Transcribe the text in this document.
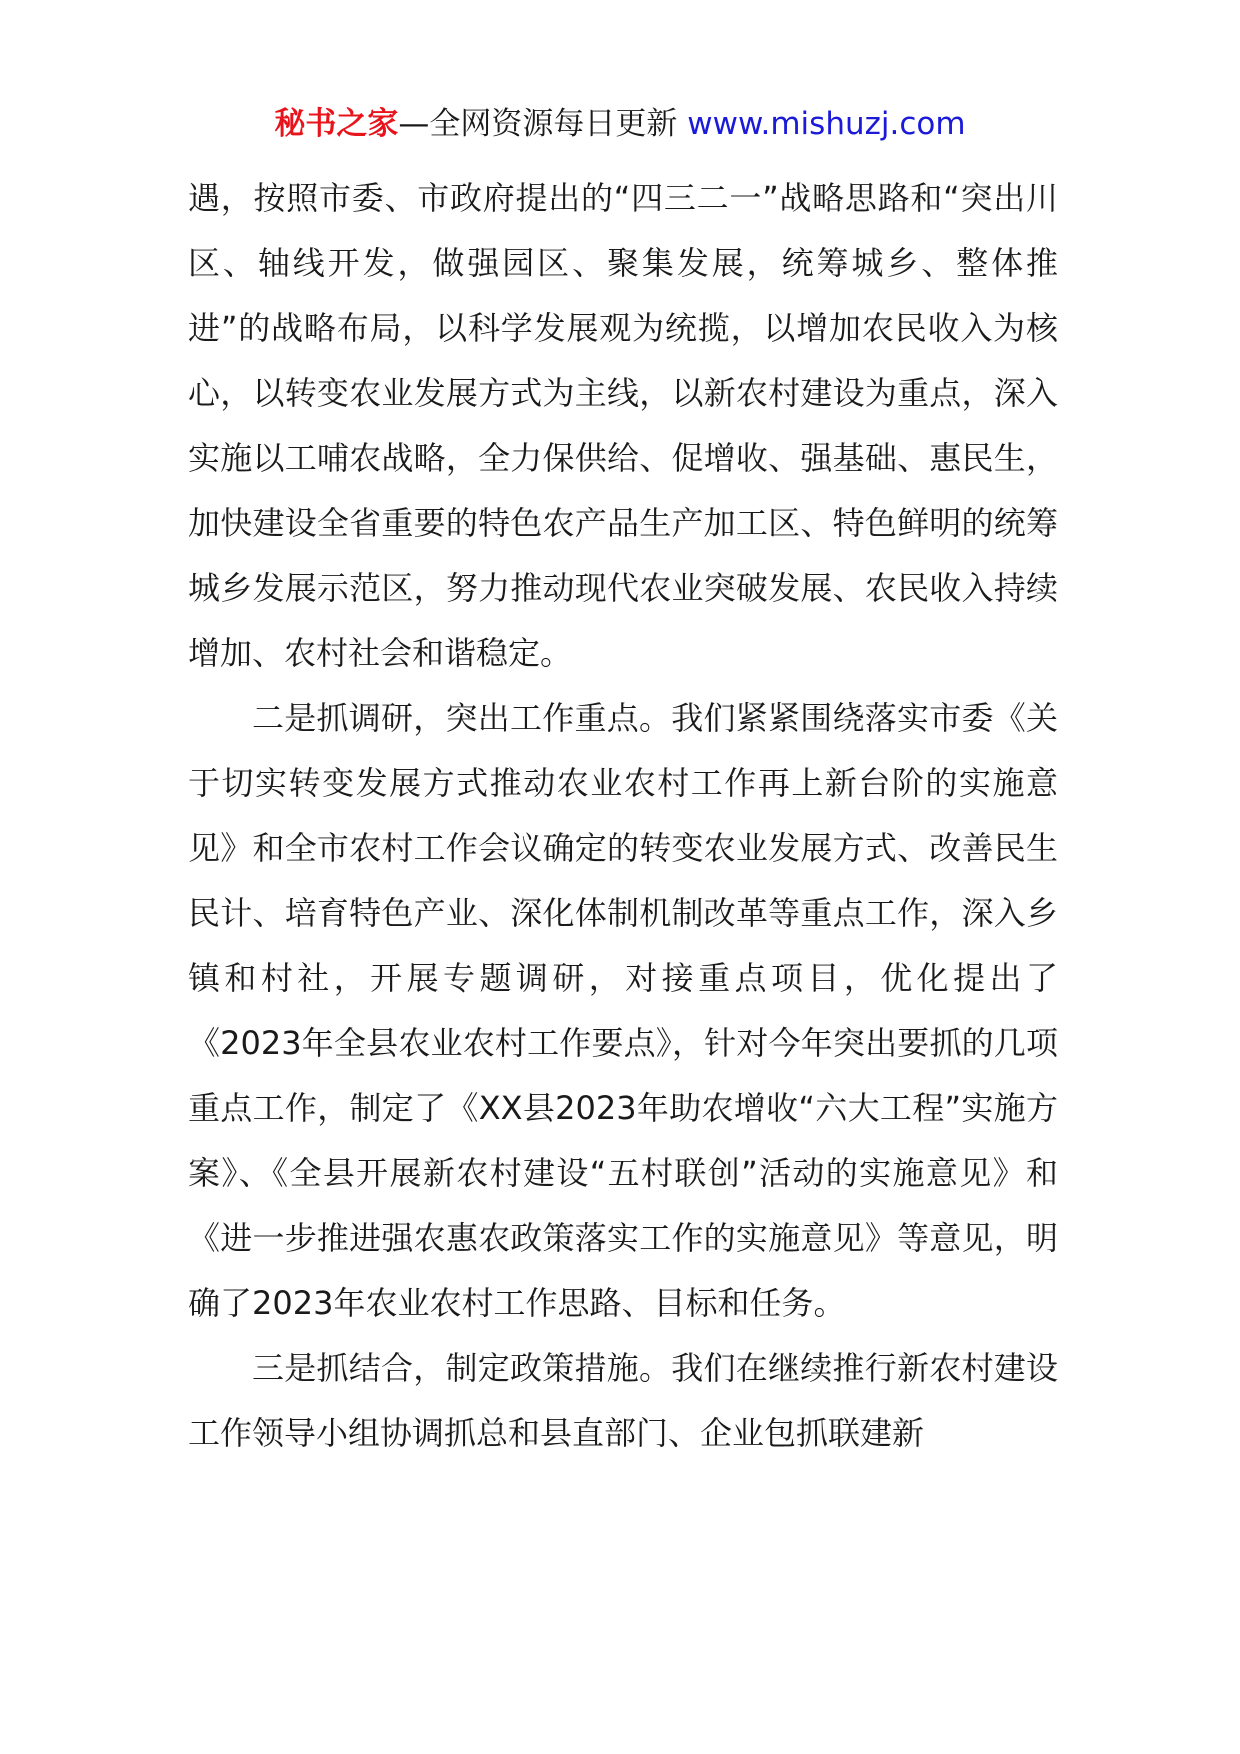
秘书之家—全网资源每日更新 www.mishuzj.com

遇，按照市委、市政府提出的“四三二一”战略思路和“突出川区、轴线开发，做强园区、聚集发展，统筹城乡、整体推进”的战略布局，以科学发展观为统揽，以增加农民收入为核心，以转变农业发展方式为主线，以新农村建设为重点，深入实施以工哺农战略，全力保供给、促增收、强基础、惠民生，加快建设全省重要的特色农产品生产加工区、特色鲜明的统筹城乡发展示范区，努力推动现代农业突破发展、农民收入持续增加、农村社会和谐稳定。

二是抓调研，突出工作重点。我们紧紧围绕落实市委《关于切实转变发展方式推动农业农村工作再上新台阶的实施意见》和全市农村工作会议确定的转变农业发展方式、改善民生民计、培育特色产业、深化体制机制改革等重点工作，深入乡镇和村社，开展专题调研，对接重点项目，优化提出了《2023年全县农业农村工作要点》，针对今年突出要抓的几项重点工作，制定了《XX县2023年助农增收“六大工程”实施方案》、《全县开展新农村建设“五村联创”活动的实施意见》和《进一步推进强农惠农政策落实工作的实施意见》等意见，明确了2023年农业农村工作思路、目标和任务。

三是抓结合，制定政策措施。我们在继续推行新农村建设工作领导小组协调抓总和县直部门、企业包抓联建新
